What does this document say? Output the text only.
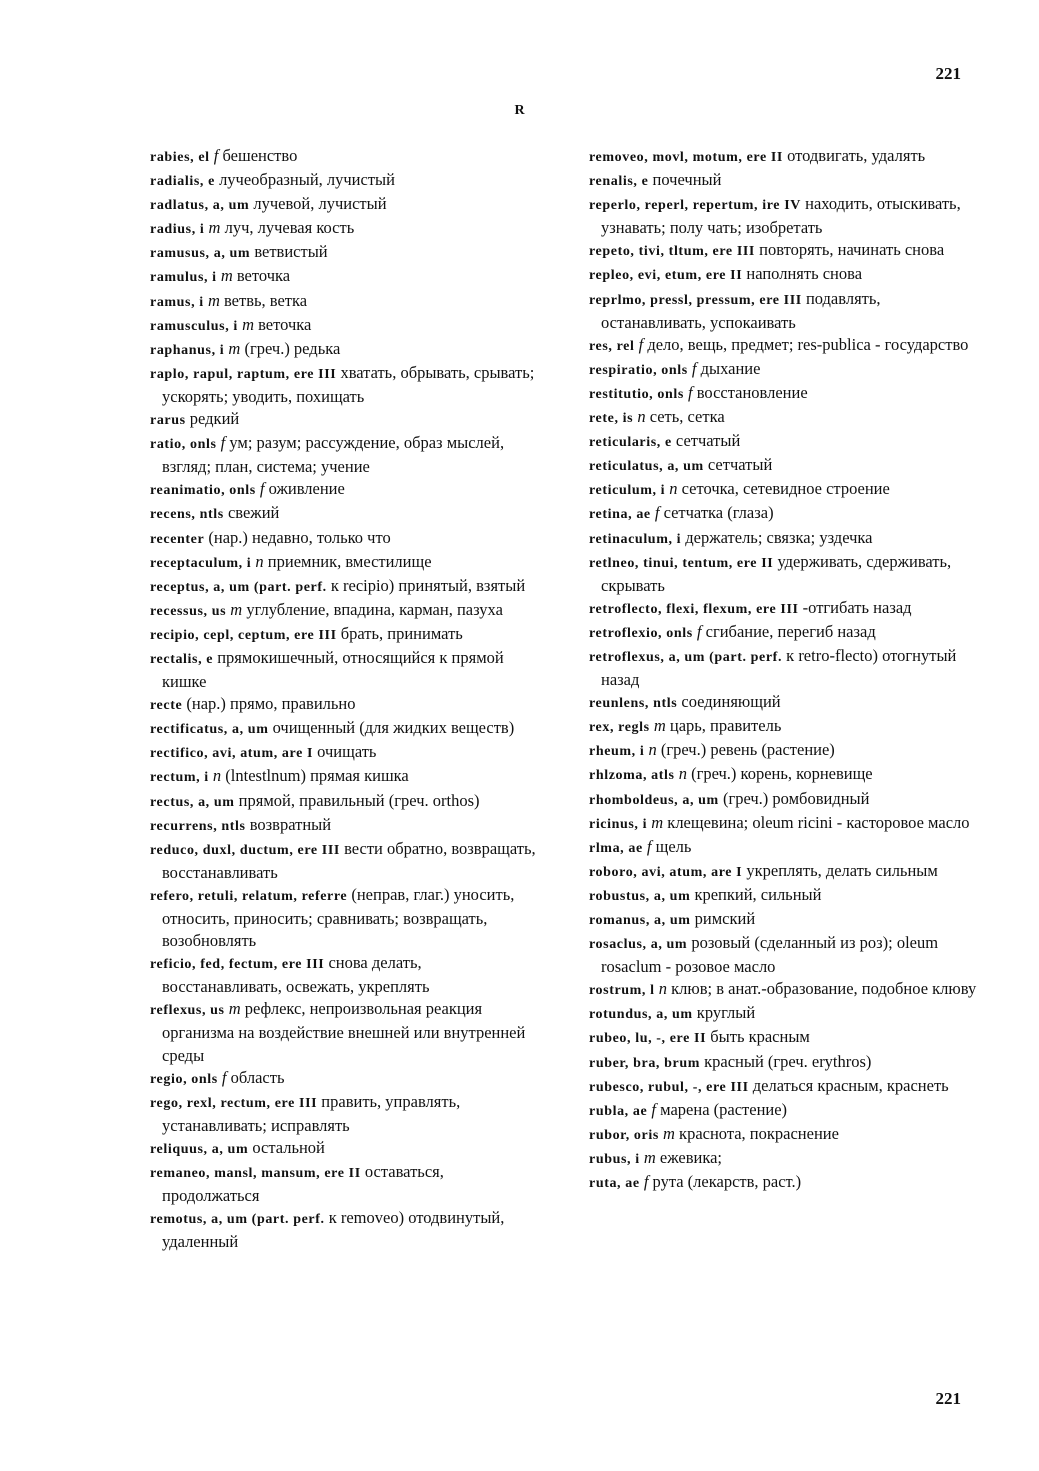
221
R

rabies, el f бешенство

radialis, e лучеобразный, лучистый

radlatus, a, um лучевой, лучистый

radius, i m луч, лучевая кость

ramusus, a, um ветвистый

ramulus, i m веточка

ramus, i m ветвь, ветка

ramusculus, i m веточка

raphanus, i m (греч.) редька

raplo, rapul, raptum, ere III хватать, обрывать, срывать; ускорять; уводить, похищать

rarus редкий

ratio, onls f ум; разум; рассуждение, образ мыслей, взгляд; план, система; учение

reanimatio, onls f оживление

recens, ntls свежий

recenter (нар.) недавно, только что

receptaculum, i n приемник, вместилище

receptus, a, um (part. perf. к recipio) принятый, взятый

recessus, us m углубление, впадина, карман, пазуха

recipio, cepl, ceptum, ere III брать, принимать

rectalis, e прямокишечный, относящийся к прямой кишке

recte (нар.) прямо, правильно

rectificatus, a, um очищенный (для жидких веществ)

rectifico, avi, atum, are I очищать

rectum, i n (lntestlnum) прямая кишка

rectus, a, um прямой, правильный (греч. orthos)

recurrens, ntls возвратный

reduco, duxl, ductum, ere III вести обратно, возвращать, восстанавливать

refero, retuli, relatum, referre (неправ, глаг.) уносить, относить, приносить; сравнивать; возвращать, возобновлять

reficio, fed, fectum, ere III снова делать, восстанавливать, освежать, укреплять

reflexus, us m рефлекс, непроизвольная реакция организма на воздействие внешней или внутренней среды

regio, onls f область

rego, rexl, rectum, ere III править, управлять, устанавливать; исправлять

reliquus, a, um остальной

remaneo, mansl, mansum, ere II оставаться, продолжаться

remotus, a, um (part. perf. к removeo) отодвинутый, удаленный

removeo, movl, motum, ere II отодвигать, удалять

renalis, e почечный

reperlo, reperl, repertum, ire IV находить, отыскивать, узнавать; полу чать; изобретать

repeto, tivi, tltum, ere III повторять, начинать снова

repleo, evi, etum, ere II наполнять снова

reprlmo, pressl, pressum, ere III подавлять, останавливать, успокаивать

res, rel f дело, вещь, предмет; res-publica - государство

respiratio, onls f дыхание

restitutio, onls f восстановление

rete, is n сеть, сетка

reticularis, e сетчатый

reticulatus, a, um сетчатый

reticulum, i n сеточка, сетевидное строение

retina, ae f сетчатка (глаза)

retinaculum, i держатель; связка; уздечка

retlneo, tinui, tentum, ere II удерживать, сдерживать, скрывать

retroflecto, flexi, flexum, ere III -отгибать назад

retroflexio, onls f сгибание, перегиб назад

retroflexus, a, um (part. perf. к retro-flecto) отогнутый назад

reunlens, ntls соединяющий

rex, regls m царь, правитель

rheum, i n (греч.) ревень (растение)

rhlzoma, atls n (греч.) корень, корневище

rhomboldeus, a, um (греч.) ромбовидный

ricinus, i m клещевина; oleum ricini - касторовое масло

rlma, ae f щель

roboro, avi, atum, are I укреплять, делать сильным

robustus, a, um крепкий, сильный

romanus, a, um римский

rosaclus, a, um розовый (сделанный из роз); oleum rosaclum - розовое масло

rostrum, l n клюв; в анат.-образование, подобное клюву

rotundus, a, um круглый

rubeo, lu, -, ere II быть красным

ruber, bra, brum красный (греч. erythros)

rubesco, rubul, -, ere III делаться красным, краснеть

rubla, ae f марена (растение)

rubor, oris m краснота, покраснение

rubus, i m ежевика;

ruta, ae f рута (лекарств, раст.)

221
